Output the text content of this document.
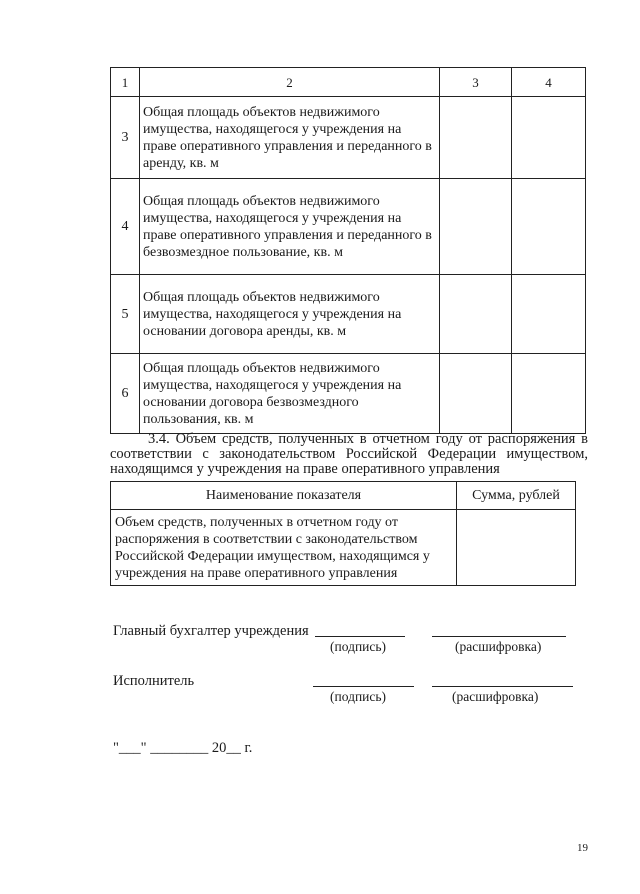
1	2	3	4
3	Общая площадь объектов недвижимого имущества, находящегося у учреждения на праве оперативного управления и переданного в аренду, кв. м		
4	Общая площадь объектов недвижимого имущества, находящегося у учреждения на праве оперативного управления и переданного в безвозмездное пользование, кв. м		
5	Общая площадь объектов недвижимого имущества, находящегося у учреждения на основании договора аренды, кв. м		
6	Общая площадь объектов недвижимого имущества, находящегося у учреждения на основании договора безвозмездного пользования, кв. м		
3.4. Объем средств, полученных в отчетном году от распоряжения в соответствии с законодательством Российской Федерации имуществом, находящимся у учреждения на праве оперативного управления
Наименование показателя	Сумма, рублей
Объем средств, полученных в отчетном году от распоряжения в соответствии с законодательством Российской Федерации имуществом, находящимся у учреждения на праве оперативного управления	
Главный бухгалтер учреждения
(подпись)	(расшифровка)
Исполнитель
(подпись)	(расшифровка)
"___" ________ 20__ г.
19
